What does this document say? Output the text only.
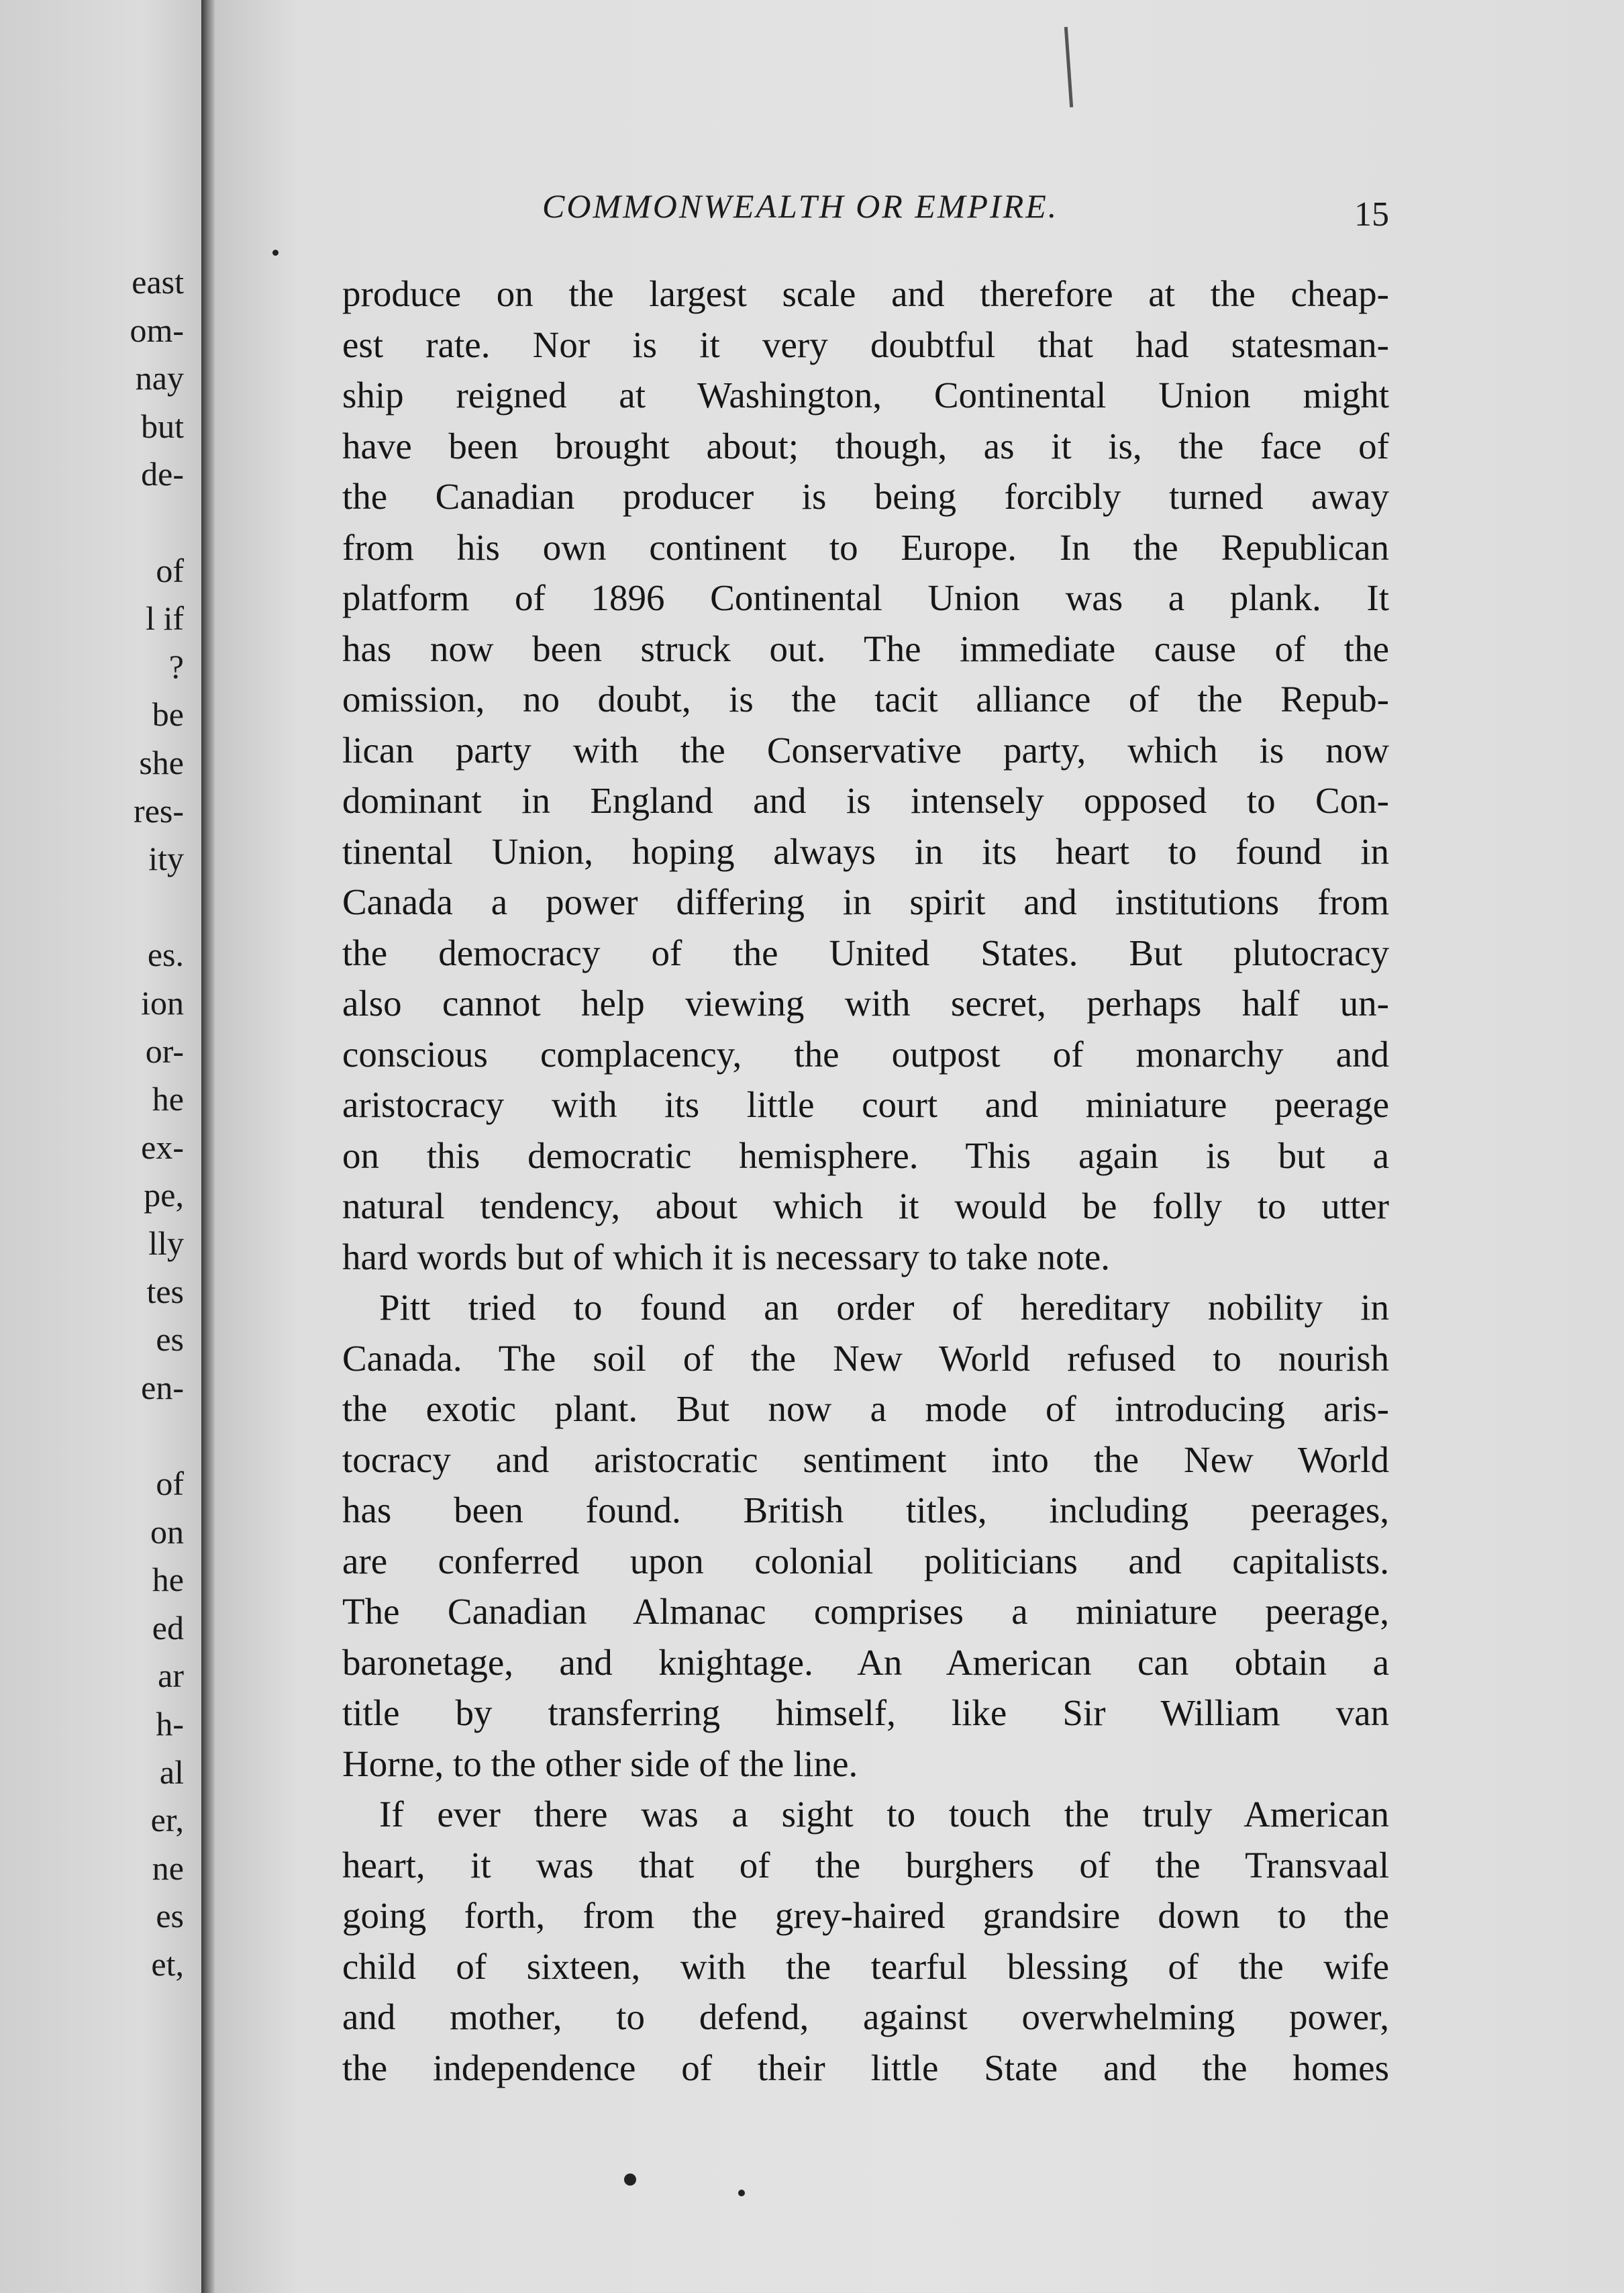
east
om-
nay
but
de-
of
l if
?
be
she
res-
ity
es.
ion
or-
he
ex-
pe,
lly
tes
es
en-
of
on
he
ed
ar
h-
al
er,
ne
es
et,
COMMONWEALTH OR EMPIRE.	15
produce on the largest scale and therefore at the cheap-
est rate. Nor is it very doubtful that had statesman-
ship reigned at Washington, Continental Union might
have been brought about; though, as it is, the face of
the Canadian producer is being forcibly turned away
from his own continent to Europe. In the Republican
platform of 1896 Continental Union was a plank. It
has now been struck out. The immediate cause of the
omission, no doubt, is the tacit alliance of the Repub-
lican party with the Conservative party, which is now
dominant in England and is intensely opposed to Con-
tinental Union, hoping always in its heart to found in
Canada a power differing in spirit and institutions from
the democracy of the United States. But plutocracy
also cannot help viewing with secret, perhaps half un-
conscious complacency, the outpost of monarchy and
aristocracy with its little court and miniature peerage
on this democratic hemisphere. This again is but a
natural tendency, about which it would be folly to utter
hard words but of which it is necessary to take note.
Pitt tried to found an order of hereditary nobility in
Canada. The soil of the New World refused to nourish
the exotic plant. But now a mode of introducing aris-
tocracy and aristocratic sentiment into the New World
has been found. British titles, including peerages,
are conferred upon colonial politicians and capitalists.
The Canadian Almanac comprises a miniature peerage,
baronetage, and knightage. An American can obtain a
title by transferring himself, like Sir William van
Horne, to the other side of the line.
If ever there was a sight to touch the truly American
heart, it was that of the burghers of the Transvaal
going forth, from the grey-haired grandsire down to the
child of sixteen, with the tearful blessing of the wife
and mother, to defend, against overwhelming power,
the independence of their little State and the homes
